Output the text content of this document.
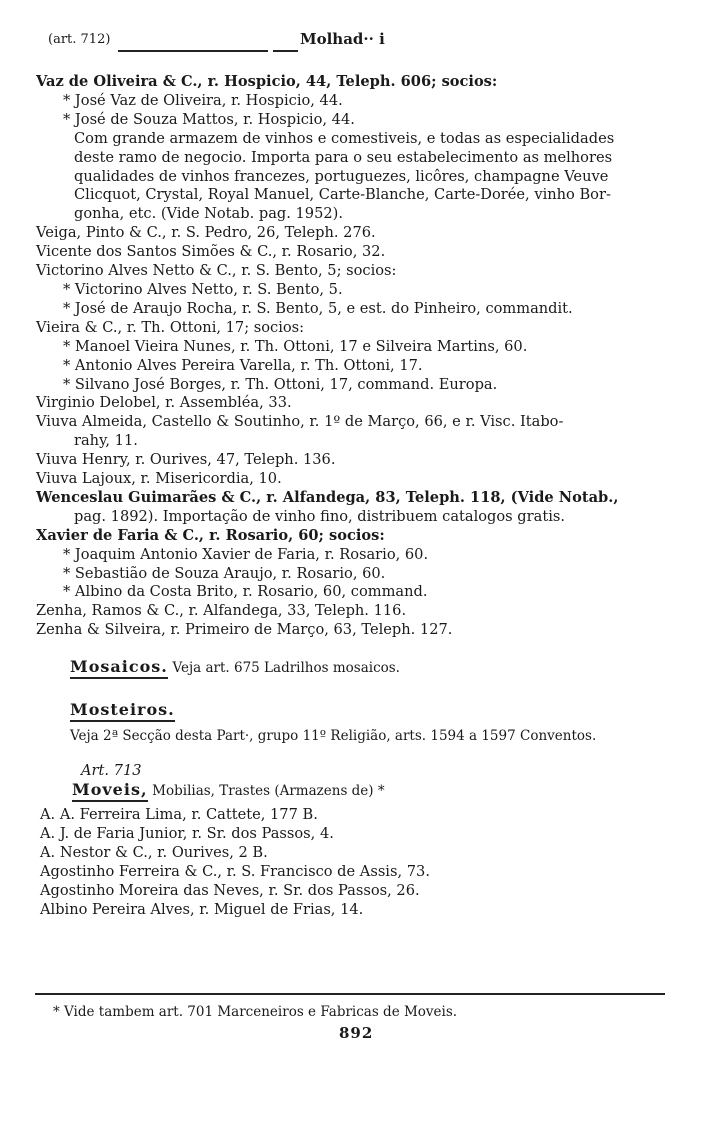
(art. 712)	Molhad·· i
Vaz de Oliveira & C., r. Hospicio, 44, Teleph. 606; socios:
* José Vaz de Oliveira, r. Hospicio, 44.
* José de Souza Mattos, r. Hospicio, 44.
Com grande armazem de vinhos e comestiveis, e todas as especialidades
deste ramo de negocio. Importa para o seu estabelecimento as melhores
qualidades de vinhos francezes, portuguezes, licôres, champagne Veuve
Clicquot, Crystal, Royal Manuel, Carte-Blanche, Carte-Dorée, vinho Bor-
gonha, etc. (Vide Notab. pag. 1952).
Veiga, Pinto & C., r. S. Pedro, 26, Teleph. 276.
Vicente dos Santos Simões & C., r. Rosario, 32.
Victorino Alves Netto & C., r. S. Bento, 5; socios:
* Victorino Alves Netto, r. S. Bento, 5.
* José de Araujo Rocha, r. S. Bento, 5, e est. do Pinheiro, commandit.
Vieira & C., r. Th. Ottoni, 17; socios:
* Manoel Vieira Nunes, r. Th. Ottoni, 17 e Silveira Martins, 60.
* Antonio Alves Pereira Varella, r. Th. Ottoni, 17.
* Silvano José Borges, r. Th. Ottoni, 17, command. Europa.
Virginio Delobel, r. Assembléa, 33.
Viuva Almeida, Castello & Soutinho, r. 1º de Março, 66, e r. Visc. Itabo-
rahy, 11.
Viuva Henry, r. Ourives, 47, Teleph. 136.
Viuva Lajoux, r. Misericordia, 10.
Wenceslau Guimarães & C., r. Alfandega, 83, Teleph. 118, (Vide Notab.,
pag. 1892). Importação de vinho fino, distribuem catalogos gratis.
Xavier de Faria & C., r. Rosario, 60; socios:
* Joaquim Antonio Xavier de Faria, r. Rosario, 60.
* Sebastião de Souza Araujo, r. Rosario, 60.
* Albino da Costa Brito, r. Rosario, 60, command.
Zenha, Ramos & C., r. Alfandega, 33, Teleph. 116.
Zenha & Silveira, r. Primeiro de Março, 63, Teleph. 127.
Mosaicos. Veja art. 675 Ladrilhos mosaicos.
Mosteiros.
Veja 2ª Secção desta Part·, grupo 11º Religião, arts. 1594 a 1597 Conventos.
Art. 713
Moveis, Mobilias, Trastes (Armazens de) *
A. A. Ferreira Lima, r. Cattete, 177 B.
A. J. de Faria Junior, r. Sr. dos Passos, 4.
A. Nestor & C., r. Ourives, 2 B.
Agostinho Ferreira & C., r. S. Francisco de Assis, 73.
Agostinho Moreira das Neves, r. Sr. dos Passos, 26.
Albino Pereira Alves, r. Miguel de Frias, 14.
* Vide tambem art. 701 Marceneiros e Fabricas de Moveis.
892
